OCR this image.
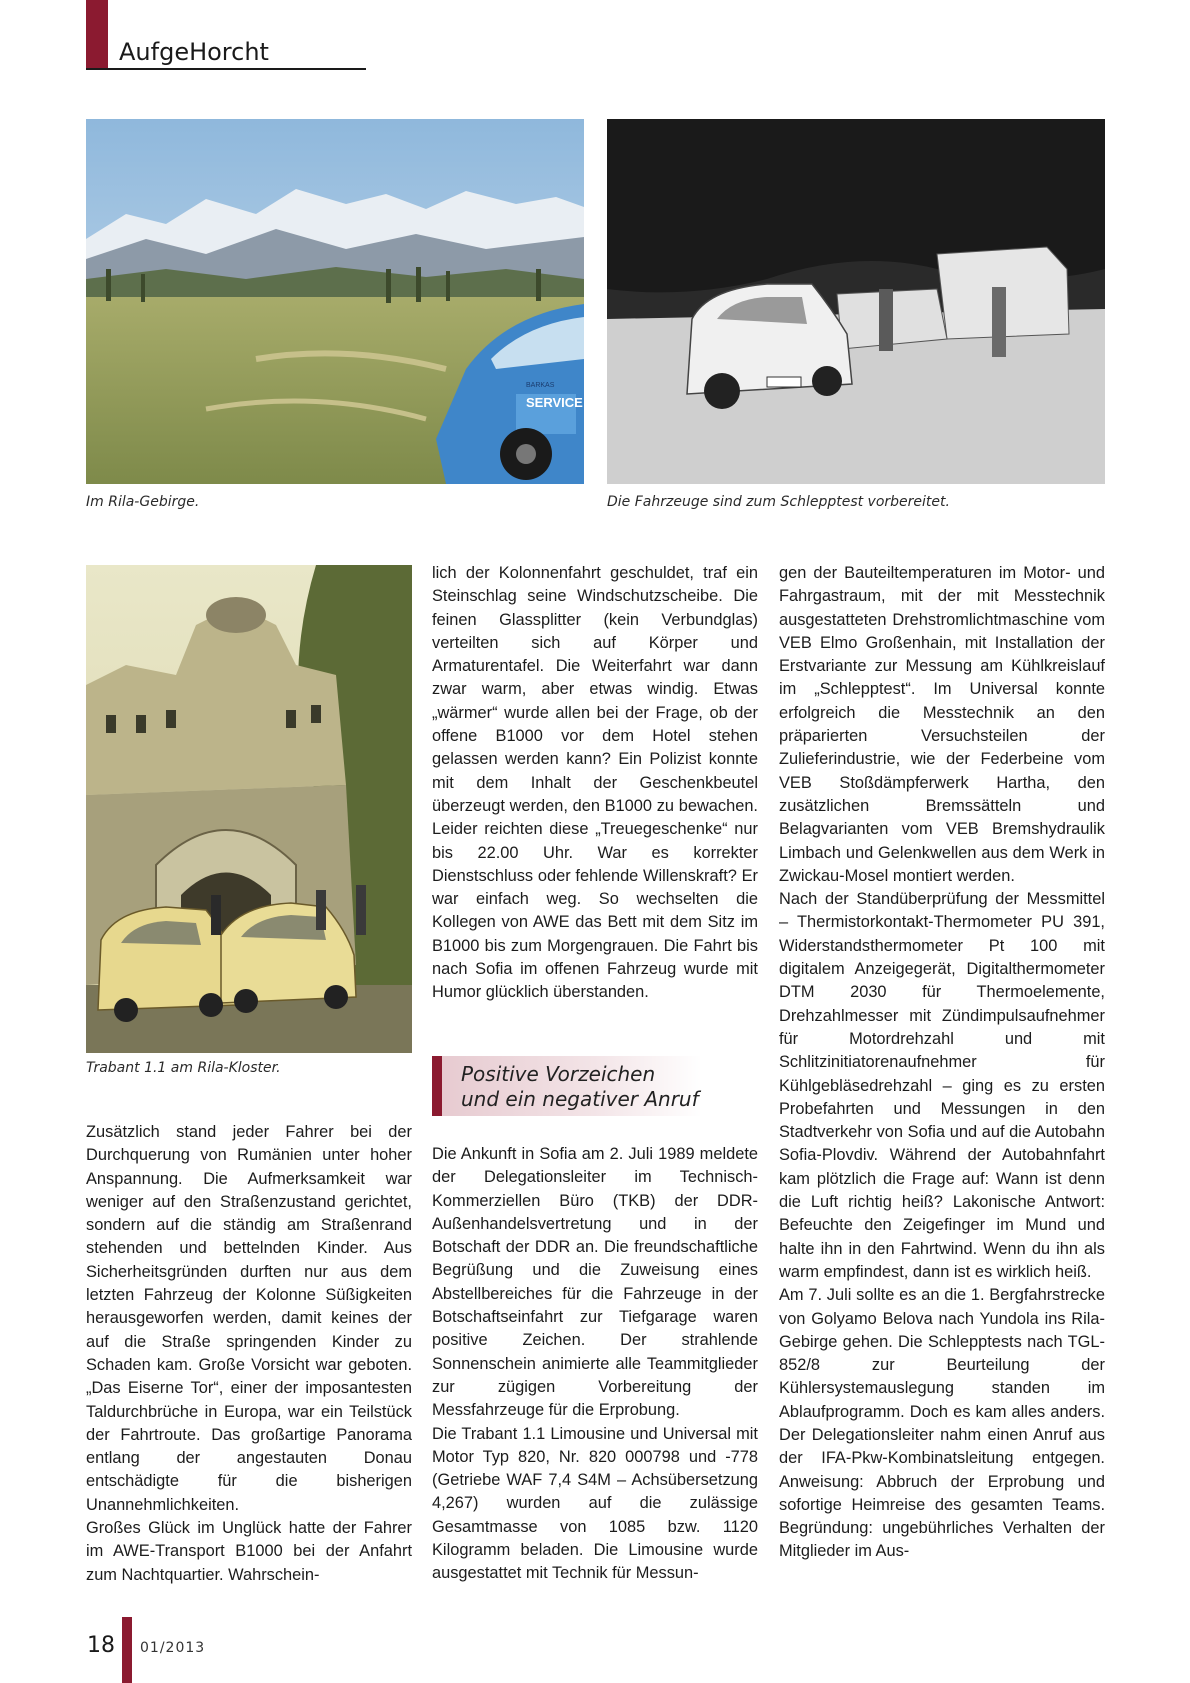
AufgeHorcht
BARKAS
SERVICE
Im Rila-Gebirge.	Die Fahrzeuge sind zum Schlepptest vorbereitet.
Trabant 1.1 am Rila-Kloster.

Zusätzlich stand jeder Fahrer bei der Durchquerung von Rumänien unter hoher Anspannung. Die Aufmerksamkeit war weniger auf den Straßenzustand gerichtet, sondern auf die ständig am Straßenrand stehenden und bettelnden Kinder. Aus Sicherheitsgründen durften nur aus dem letzten Fahrzeug der Kolonne Süßigkeiten herausgeworfen werden, damit keines der auf die Straße springenden Kinder zu Schaden kam. Große Vorsicht war geboten. „Das Eiserne Tor“, einer der imposantesten Taldurchbrüche in Europa, war ein Teilstück der Fahrtroute. Das großartige Panorama entlang der angestauten Donau entschädigte für die bisherigen Unannehmlichkeiten.

Großes Glück im Unglück hatte der Fahrer im AWE-Transport B1000 bei der Anfahrt zum Nachtquartier. Wahrschein-

lich der Kolonnenfahrt geschuldet, traf ein Steinschlag seine Windschutzscheibe. Die feinen Glassplitter (kein Verbundglas) verteilten sich auf Körper und Armaturentafel. Die Weiterfahrt war dann zwar warm, aber etwas windig. Etwas „wärmer“ wurde allen bei der Frage, ob der offene B1000 vor dem Hotel stehen gelassen werden kann? Ein Polizist konnte mit dem Inhalt der Geschenkbeutel überzeugt werden, den B1000 zu bewachen. Leider reichten diese „Treuegeschenke“ nur bis 22.00 Uhr. War es korrekter Dienstschluss oder fehlende Willenskraft? Er war einfach weg. So wechselten die Kollegen von AWE das Bett mit dem Sitz im B1000 bis zum Morgengrauen. Die Fahrt bis nach Sofia im offenen Fahrzeug wurde mit Humor glücklich überstanden.

Positive Vorzeichen
und ein negativer Anruf

Die Ankunft in Sofia am 2. Juli 1989 meldete der Delegationsleiter im Technisch-Kommerziellen Büro (TKB) der DDR-Außenhandelsvertretung und in der Botschaft der DDR an. Die freundschaftliche Begrüßung und die Zuweisung eines Abstellbereiches für die Fahrzeuge in der Botschaftseinfahrt zur Tiefgarage waren positive Zeichen. Der strahlende Sonnenschein animierte alle Teammitglieder zur zügigen Vorbereitung der Messfahrzeuge für die Erprobung.

Die Trabant 1.1 Limousine und Universal mit Motor Typ 820, Nr. 820 000798 und -778 (Getriebe WAF 7,4 S4M – Achsübersetzung 4,267) wurden auf die zulässige Gesamtmasse von 1085 bzw. 1120 Kilogramm beladen. Die Limousine wurde ausgestattet mit Technik für Messun-

gen der Bauteiltemperaturen im Motor- und Fahrgastraum, mit der mit Messtechnik ausgestatteten Drehstromlichtmaschine vom VEB Elmo Großenhain, mit Installation der Erstvariante zur Messung am Kühlkreislauf im „Schlepptest“. Im Universal konnte erfolgreich die Messtechnik an den präparierten Versuchsteilen der Zulieferindustrie, wie der Federbeine vom VEB Stoßdämpferwerk Hartha, den zusätzlichen Bremssätteln und Belagvarianten vom VEB Bremshydraulik Limbach und Gelenkwellen aus dem Werk in Zwickau-Mosel montiert werden.

Nach der Standüberprüfung der Messmittel – Thermistorkontakt-Thermometer PU 391, Widerstandsthermometer Pt 100 mit digitalem Anzeigegerät, Digitalthermometer DTM 2030 für Thermoelemente, Drehzahlmesser mit Zündimpulsaufnehmer für Motordrehzahl und mit Schlitzinitiatorenaufnehmer für Kühlgebläsedrehzahl – ging es zu ersten Probefahrten und Messungen in den Stadtverkehr von Sofia und auf die Autobahn Sofia-Plovdiv. Während der Autobahnfahrt kam plötzlich die Frage auf: Wann ist denn die Luft richtig heiß? Lakonische Antwort: Befeuchte den Zeigefinger im Mund und halte ihn in den Fahrtwind. Wenn du ihn als warm empfindest, dann ist es wirklich heiß.

Am 7. Juli sollte es an die 1. Bergfahrstrecke von Golyamo Belova nach Yundola ins Rila-Gebirge gehen. Die Schlepptests nach TGL-852/8 zur Beurteilung der Kühlersystemauslegung standen im Ablaufprogramm. Doch es kam alles anders. Der Delegationsleiter nahm einen Anruf aus der IFA-Pkw-Kombinatsleitung entgegen. Anweisung: Abbruch der Erprobung und sofortige Heimreise des gesamten Teams. Begründung: ungebührliches Verhalten der Mitglieder im Aus-

18 01/2013
